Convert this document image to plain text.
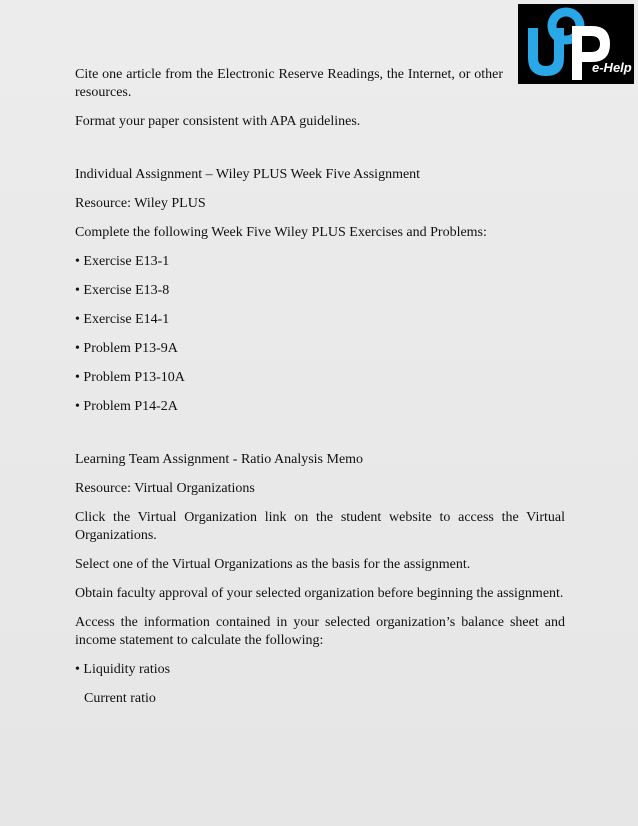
e-Help

Cite one article from the Electronic Reserve Readings, the Internet, or other resources.

Format your paper consistent with APA guidelines.

Individual Assignment – Wiley PLUS Week Five Assignment

Resource: Wiley PLUS

Complete the following Week Five Wiley PLUS Exercises and Problems:

• Exercise E13-1

• Exercise E13-8

• Exercise E14-1

• Problem P13-9A

• Problem P13-10A

• Problem P14-2A

Learning Team Assignment - Ratio Analysis Memo

Resource: Virtual Organizations

Click the Virtual Organization link on the student website to access the Virtual Organizations.

Select one of the Virtual Organizations as the basis for the assignment.

Obtain faculty approval of your selected organization before beginning the assignment.

Access the information contained in your selected organization’s balance sheet and income statement to calculate the following:

• Liquidity ratios

Current ratio
